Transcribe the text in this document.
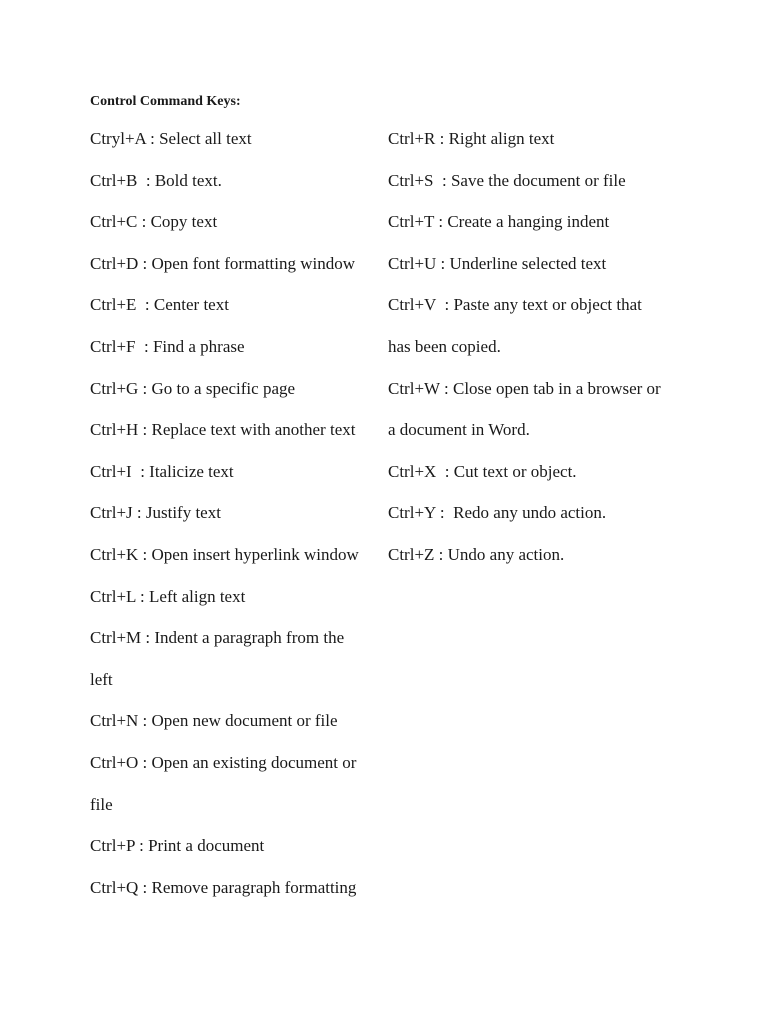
Control Command Keys:
Ctryl+A : Select all text
Ctrl+B  : Bold text.
Ctrl+C : Copy text
Ctrl+D : Open font formatting window
Ctrl+E  : Center text
Ctrl+F  : Find a phrase
Ctrl+G : Go to a specific page
Ctrl+H : Replace text with another text
Ctrl+I  : Italicize text
Ctrl+J : Justify text
Ctrl+K : Open insert hyperlink window
Ctrl+L : Left align text
Ctrl+M : Indent a paragraph from the
left
Ctrl+N : Open new document or file
Ctrl+O : Open an existing document or
file
Ctrl+P : Print a document
Ctrl+Q : Remove paragraph formatting
Ctrl+R : Right align text
Ctrl+S  : Save the document or file
Ctrl+T : Create a hanging indent
Ctrl+U : Underline selected text
Ctrl+V  : Paste any text or object that
has been copied.
Ctrl+W : Close open tab in a browser or
a document in Word.
Ctrl+X  : Cut text or object.
Ctrl+Y :  Redo any undo action.
Ctrl+Z : Undo any action.
